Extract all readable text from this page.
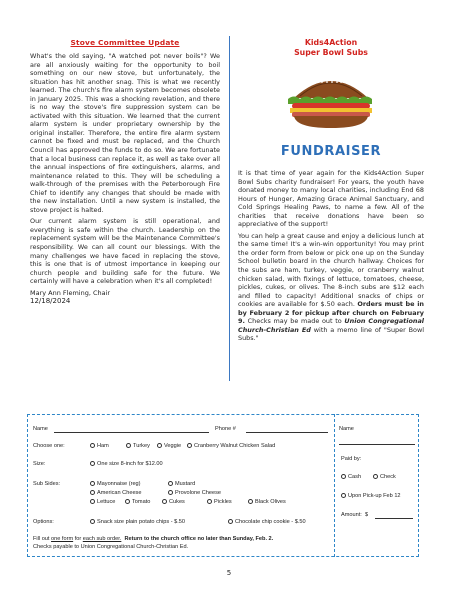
Stove Committee Update

What's the old saying, "A watched pot never boils"? We are all anxiously waiting for the opportunity to boil something on our new stove, but unfortunately, the situation has hit another snag. This is what we recently learned. The church's fire alarm system becomes obsolete in January 2025. This was a shocking revelation, and there is no way the stove's fire suppression system can be activated with this situation. We learned that the current alarm system is under proprietary ownership by the original installer. Therefore, the entire fire alarm system cannot be fixed and must be replaced, and the Church Council has approved the funds to do so. We are fortunate that a local business can replace it, as well as take over all the annual inspections of fire extinguishers, alarms, and maintenance related to this. They will be scheduling a walk-through of the premises with the Peterborough Fire Chief to identify any changes that should be made with the new installation. Until a new system is installed, the stove project is halted.

Our current alarm system is still operational, and everything is safe within the church. Leadership on the replacement system will be the Maintenance Committee's responsibility. We can all count our blessings. With the many challenges we have faced in replacing the stove, this is one that is of utmost importance in keeping our church people and building safe for the future. We certainly will have a celebration when it's all completed!

Mary Ann Fleming, Chair
12/18/2024
Kids4Action
Super Bowl Subs
FUNDRAISER

It is that time of year again for the Kids4Action Super Bowl Subs charity fundraiser! For years, the youth have donated money to many local charities, including End 68 Hours of Hunger, Amazing Grace Animal Sanctuary, and Cold Springs Healing Paws, to name a few. All of the charities that receive donations have been so appreciative of the support!

You can help a great cause and enjoy a delicious lunch at the same time! It's a win-win opportunity! You may print the order form from below or pick one up on the Sunday School bulletin board in the church hallway. Choices for the subs are ham, turkey, veggie, or cranberry walnut chicken salad, with fixings of lettuce, tomatoes, cheese, pickles, cukes, or olives. The 8-inch subs are $12 each and filled to capacity! Additional snacks of chips or cookies are available for $.50 each. Orders must be in by February 2 for pickup after church on February 9. Checks may be made out to Union Congregational Church-Christian Ed with a memo line of "Super Bowl Subs."

Name	Phone #
Choose one:	Ham	Turkey	Veggie	Cranberry Walnut Chicken Salad
Size:	One size 8-inch for $12.00
Sub Sides:	Mayonnaise (reg)	Mustard
American Cheese	Provolone Cheese
Lettuce	Tomato	Cukes	Pickles	Black Olives
Options:	Snack size plain potato chips - $.50	Chocolate chip cookie - $.50
Fill out one form for each sub order. Return to the church office no later than Sunday, Feb. 2.
Checks payable to Union Congregational Church-Christian Ed.
Name
Paid by:
Cash	Check
Upon Pick-up Feb 12
Amount: $
5
